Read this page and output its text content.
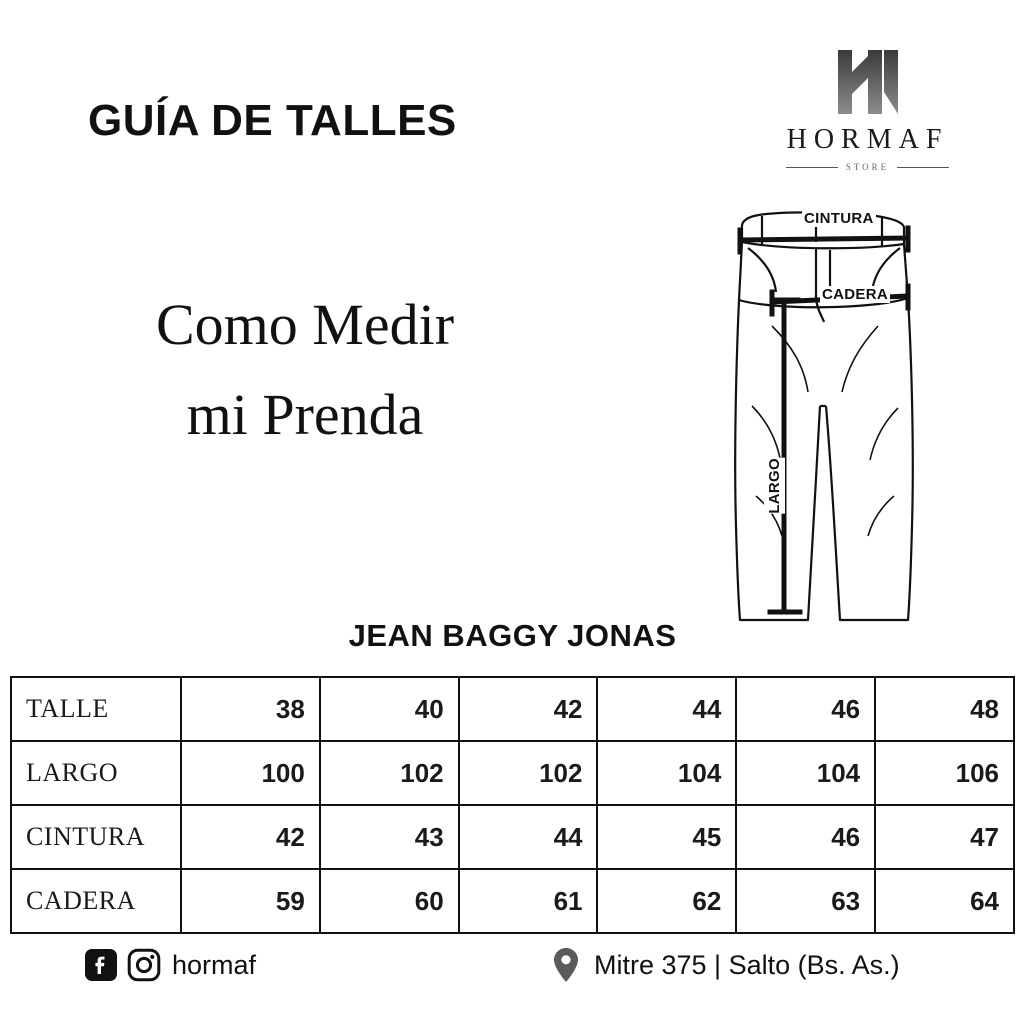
GUÍA DE TALLES	HORMAF
STORE
Como Medir
mi Prenda
CINTURA
CADERA
LARGO
JEAN BAGGY JONAS
TALLE	38	40	42	44	46	48
LARGO	100	102	102	104	104	106
CINTURA	42	43	44	45	46	47
CADERA	59	60	61	62	63	64
hormaf	Mitre 375 | Salto (Bs. As.)
